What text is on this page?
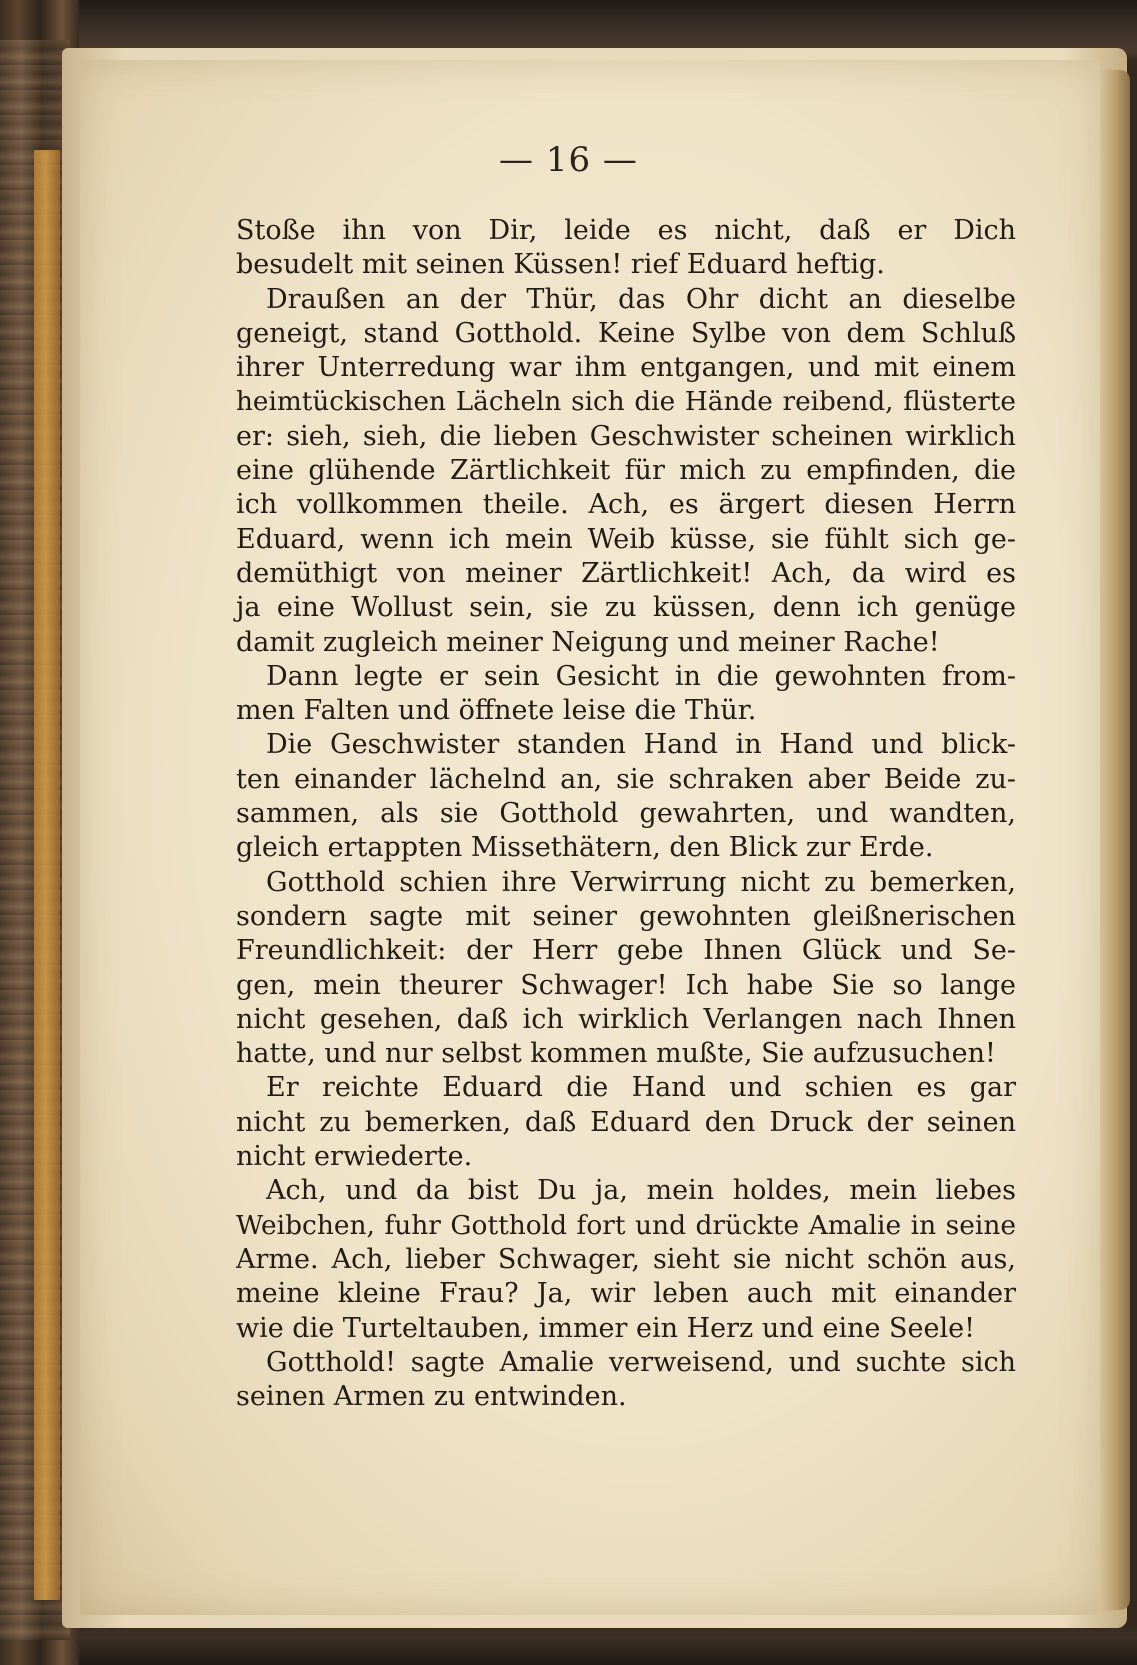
— 16 —
Stoße ihn von Dir, leide es nicht, daß er Dich
besudelt mit seinen Küssen! rief Eduard heftig.
Draußen an der Thür, das Ohr dicht an dieselbe
geneigt, stand Gotthold. Keine Sylbe von dem Schluß
ihrer Unterredung war ihm entgangen, und mit einem
heimtückischen Lächeln sich die Hände reibend, flüsterte
er: sieh, sieh, die lieben Geschwister scheinen wirklich
eine glühende Zärtlichkeit für mich zu empfinden, die
ich vollkommen theile. Ach, es ärgert diesen Herrn
Eduard, wenn ich mein Weib küsse, sie fühlt sich ge-
demüthigt von meiner Zärtlichkeit! Ach, da wird es
ja eine Wollust sein, sie zu küssen, denn ich genüge
damit zugleich meiner Neigung und meiner Rache!
Dann legte er sein Gesicht in die gewohnten from-
men Falten und öffnete leise die Thür.
Die Geschwister standen Hand in Hand und blick-
ten einander lächelnd an, sie schraken aber Beide zu-
sammen, als sie Gotthold gewahrten, und wandten,
gleich ertappten Missethätern, den Blick zur Erde.
Gotthold schien ihre Verwirrung nicht zu bemerken,
sondern sagte mit seiner gewohnten gleißnerischen
Freundlichkeit: der Herr gebe Ihnen Glück und Se-
gen, mein theurer Schwager! Ich habe Sie so lange
nicht gesehen, daß ich wirklich Verlangen nach Ihnen
hatte, und nur selbst kommen mußte, Sie aufzusuchen!
Er reichte Eduard die Hand und schien es gar
nicht zu bemerken, daß Eduard den Druck der seinen
nicht erwiederte.
Ach, und da bist Du ja, mein holdes, mein liebes
Weibchen, fuhr Gotthold fort und drückte Amalie in seine
Arme. Ach, lieber Schwager, sieht sie nicht schön aus,
meine kleine Frau? Ja, wir leben auch mit einander
wie die Turteltauben, immer ein Herz und eine Seele!
Gotthold! sagte Amalie verweisend, und suchte sich
seinen Armen zu entwinden.
